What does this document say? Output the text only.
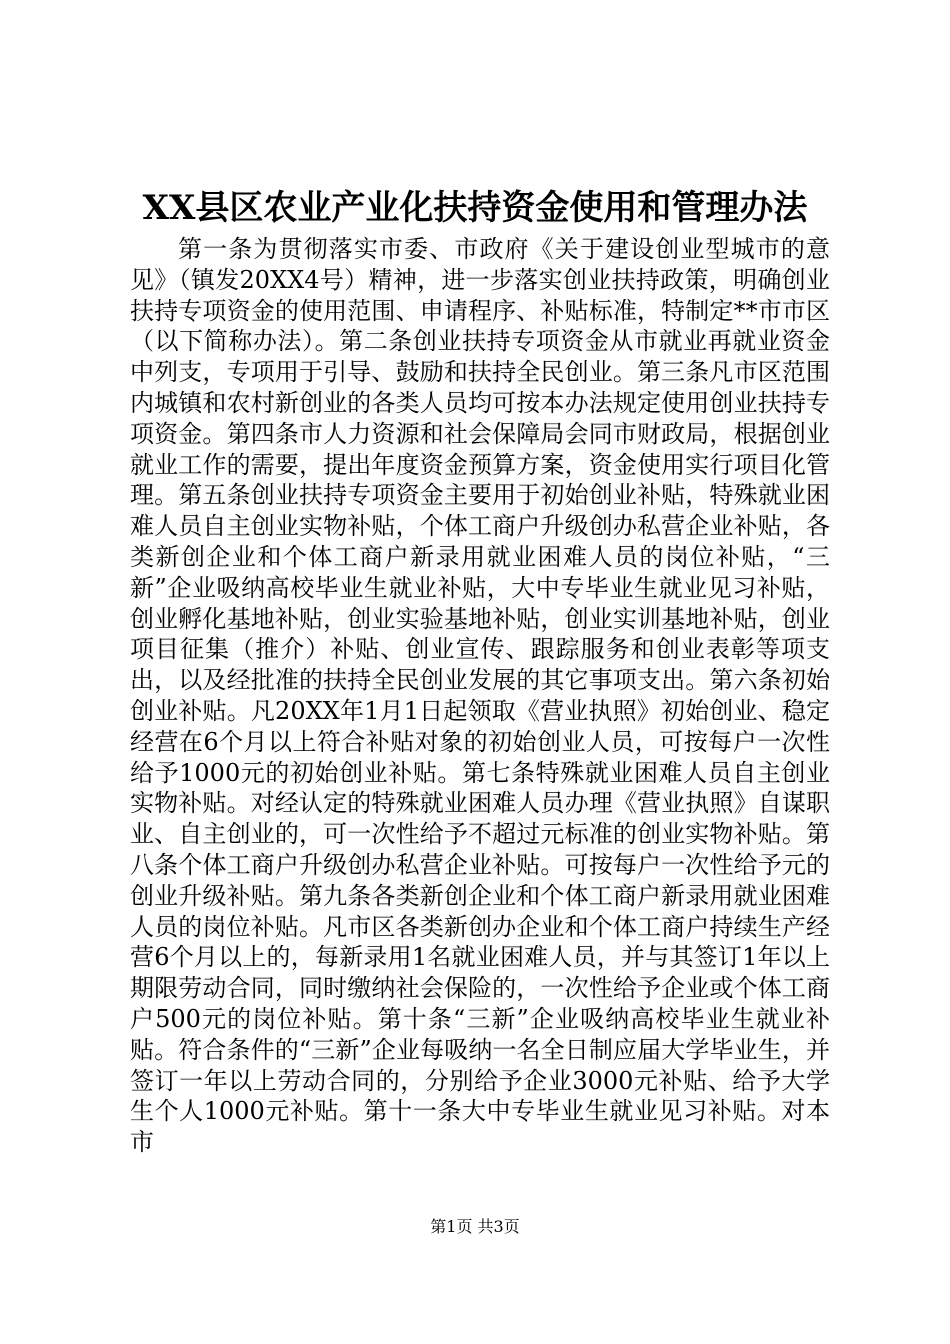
XX县区农业产业化扶持资金使用和管理办法

第一条为贯彻落实市委、市政府《关于建设创业型城市的意见》（镇发20XX4号）精神，进一步落实创业扶持政策，明确创业扶持专项资金的使用范围、申请程序、补贴标准，特制定**市市区（以下简称办法）。第二条创业扶持专项资金从市就业再就业资金中列支，专项用于引导、鼓励和扶持全民创业。第三条凡市区范围内城镇和农村新创业的各类人员均可按本办法规定使用创业扶持专项资金。第四条市人力资源和社会保障局会同市财政局，根据创业就业工作的需要，提出年度资金预算方案，资金使用实行项目化管理。第五条创业扶持专项资金主要用于初始创业补贴，特殊就业困难人员自主创业实物补贴，个体工商户升级创办私营企业补贴，各类新创企业和个体工商户新录用就业困难人员的岗位补贴，“三新”企业吸纳高校毕业生就业补贴，大中专毕业生就业见习补贴，创业孵化基地补贴，创业实验基地补贴，创业实训基地补贴，创业项目征集（推介）补贴、创业宣传、跟踪服务和创业表彰等项支出，以及经批准的扶持全民创业发展的其它事项支出。第六条初始创业补贴。凡20XX年1月1日起领取《营业执照》初始创业、稳定经营在6个月以上符合补贴对象的初始创业人员，可按每户一次性给予1000元的初始创业补贴。第七条特殊就业困难人员自主创业实物补贴。对经认定的特殊就业困难人员办理《营业执照》自谋职业、自主创业的，可一次性给予不超过元标准的创业实物补贴。第八条个体工商户升级创办私营企业补贴。可按每户一次性给予元的创业升级补贴。第九条各类新创企业和个体工商户新录用就业困难人员的岗位补贴。凡市区各类新创办企业和个体工商户持续生产经营6个月以上的，每新录用1名就业困难人员，并与其签订1年以上期限劳动合同，同时缴纳社会保险的，一次性给予企业或个体工商户500元的岗位补贴。第十条“三新”企业吸纳高校毕业生就业补贴。符合条件的“三新”企业每吸纳一名全日制应届大学毕业生，并签订一年以上劳动合同的，分别给予企业3000元补贴、给予大学生个人1000元补贴。第十一条大中专毕业生就业见习补贴。对本市

第1页 共3页
